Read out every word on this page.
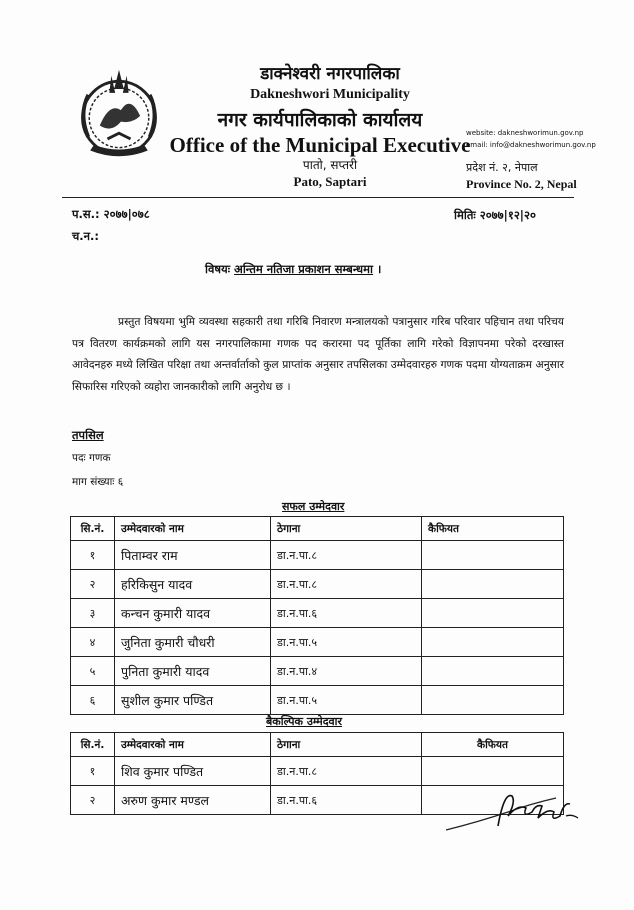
डाक्नेश्वरी नगरपालिका
Dakneshwori Municipality
नगर कार्यपालिकाको कार्यालय
Office of the Municipal Executive
पातो, सप्तरी
Pato, Saptari
website: dakneshworimun.gov.np
email: info@dakneshworimun.gov.np
प्रदेश नं. २, नेपाल
Province No. 2, Nepal
प.स.: २०७७|०७८
च.न.:
मितिः २०७७|१२|२०
विषयः अन्तिम नतिजा प्रकाशन सम्बन्धमा ।
प्रस्तुत विषयमा भुमि व्यवस्था सहकारी तथा गरिबि निवारण मन्त्रालयको पत्रानुसार गरिब परिवार पहिचान तथा परिचय पत्र वितरण कार्यक्रमको लागि यस नगरपालिकामा गणक पद करारमा पद पूर्तिका लागि गरेको विज्ञापनमा परेको दरखास्त आवेदनहरु मध्ये लिखित परिक्षा तथा अन्तर्वार्ताको कुल प्राप्तांक अनुसार तपसिलका उम्मेदवारहरु गणक पदमा योग्यताक्रम अनुसार सिफारिस गरिएको व्यहोरा जानकारीको लागि अनुरोध छ ।
तपसिल
पदः गणक
माग संख्याः ६
सफल उम्मेदवार
सि.नं.	उम्मेदवारको नाम	ठेगाना	कैफियत
१	पिताम्वर राम	डा.न.पा.८	
२	हरिकिसुन यादव	डा.न.पा.८	
३	कन्चन कुमारी यादव	डा.न.पा.६	
४	जुनिता कुमारी चौधरी	डा.न.पा.५	
५	पुनिता कुमारी यादव	डा.न.पा.४	
६	सुशील कुमार पण्डित	डा.न.पा.५	
बैकल्पिक उम्मेदवार
सि.नं.	उम्मेदवारको नाम	ठेगाना	कैफियत
१	शिव कुमार पण्डित	डा.न.पा.८	
२	अरुण कुमार मण्डल	डा.न.पा.६	
